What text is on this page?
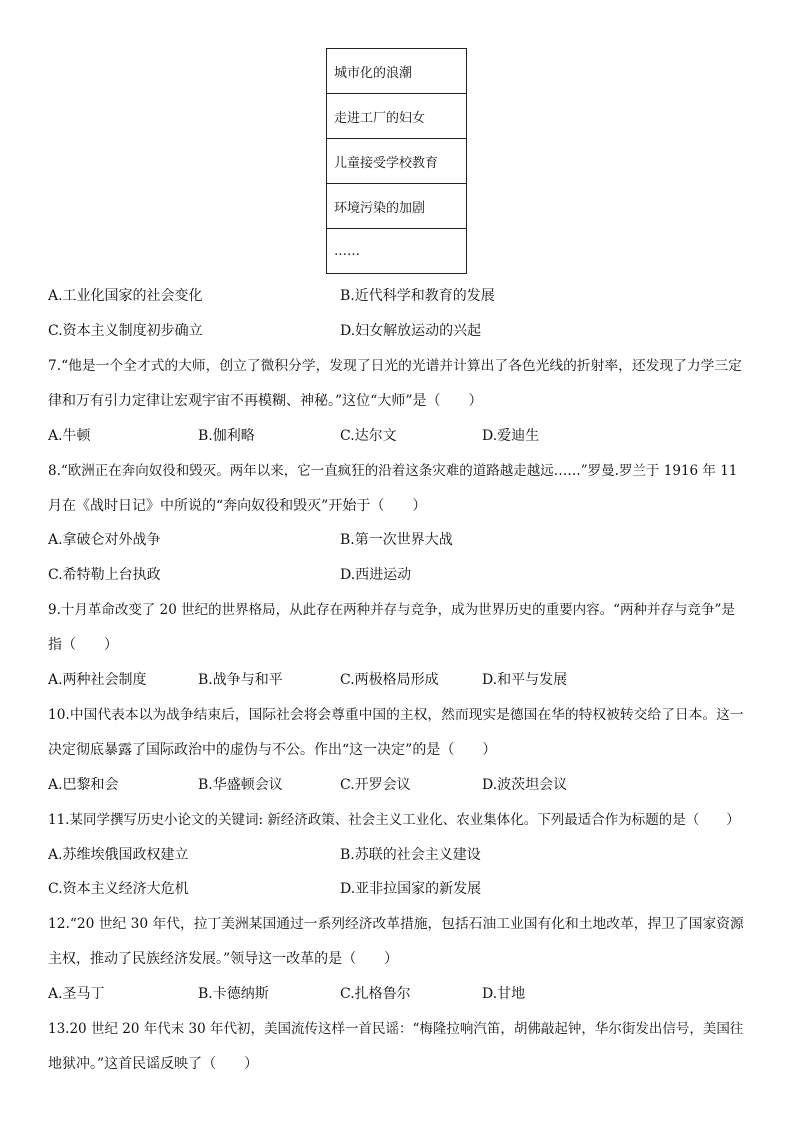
城市化的浪潮
走进工厂的妇女
儿童接受学校教育
环境污染的加剧
……
A.工业化国家的社会变化	B.近代科学和教育的发展
C.资本主义制度初步确立	D.妇女解放运动的兴起
7.“他是一个全才式的大师，创立了微积分学，发现了日光的光谱并计算出了各色光线的折射率，还发现了力学三定
律和万有引力定律让宏观宇宙不再模糊、神秘。”这位“大师”是（　　）
A.牛顿	B.伽利略	C.达尔文	D.爱迪生
8.“欧洲正在奔向奴役和毁灭。两年以来，它一直疯狂的沿着这条灾难的道路越走越远……”罗曼.罗兰于 1916 年 11
月在《战时日记》中所说的“奔向奴役和毁灭”开始于（　　）
A.拿破仑对外战争	B.第一次世界大战
C.希特勒上台执政	D.西进运动
9.十月革命改变了 20 世纪的世界格局，从此存在两种并存与竞争，成为世界历史的重要内容。“两种并存与竞争”是
指（　　）
A.两种社会制度	B.战争与和平	C.两极格局形成	D.和平与发展
10.中国代表本以为战争结束后，国际社会将会尊重中国的主权，然而现实是德国在华的特权被转交给了日本。这一
决定彻底暴露了国际政治中的虚伪与不公。作出“这一决定”的是（　　）
A.巴黎和会	B.华盛顿会议	C.开罗会议	D.波茨坦会议
11.某同学撰写历史小论文的关键词: 新经济政策、社会主义工业化、农业集体化。下列最适合作为标题的是（　　）
A.苏维埃俄国政权建立	B.苏联的社会主义建设
C.资本主义经济大危机	D.亚非拉国家的新发展
12.“20 世纪 30 年代，拉丁美洲某国通过一系列经济改革措施，包括石油工业国有化和土地改革，捍卫了国家资源
主权，推动了民族经济发展。”领导这一改革的是（　　）
A.圣马丁	B.卡德纳斯	C.扎格鲁尔	D.甘地
13.20 世纪 20 年代末 30 年代初，美国流传这样一首民谣：“梅隆拉响汽笛，胡佛敲起钟，华尔街发出信号，美国往
地狱冲。”这首民谣反映了（　　）
